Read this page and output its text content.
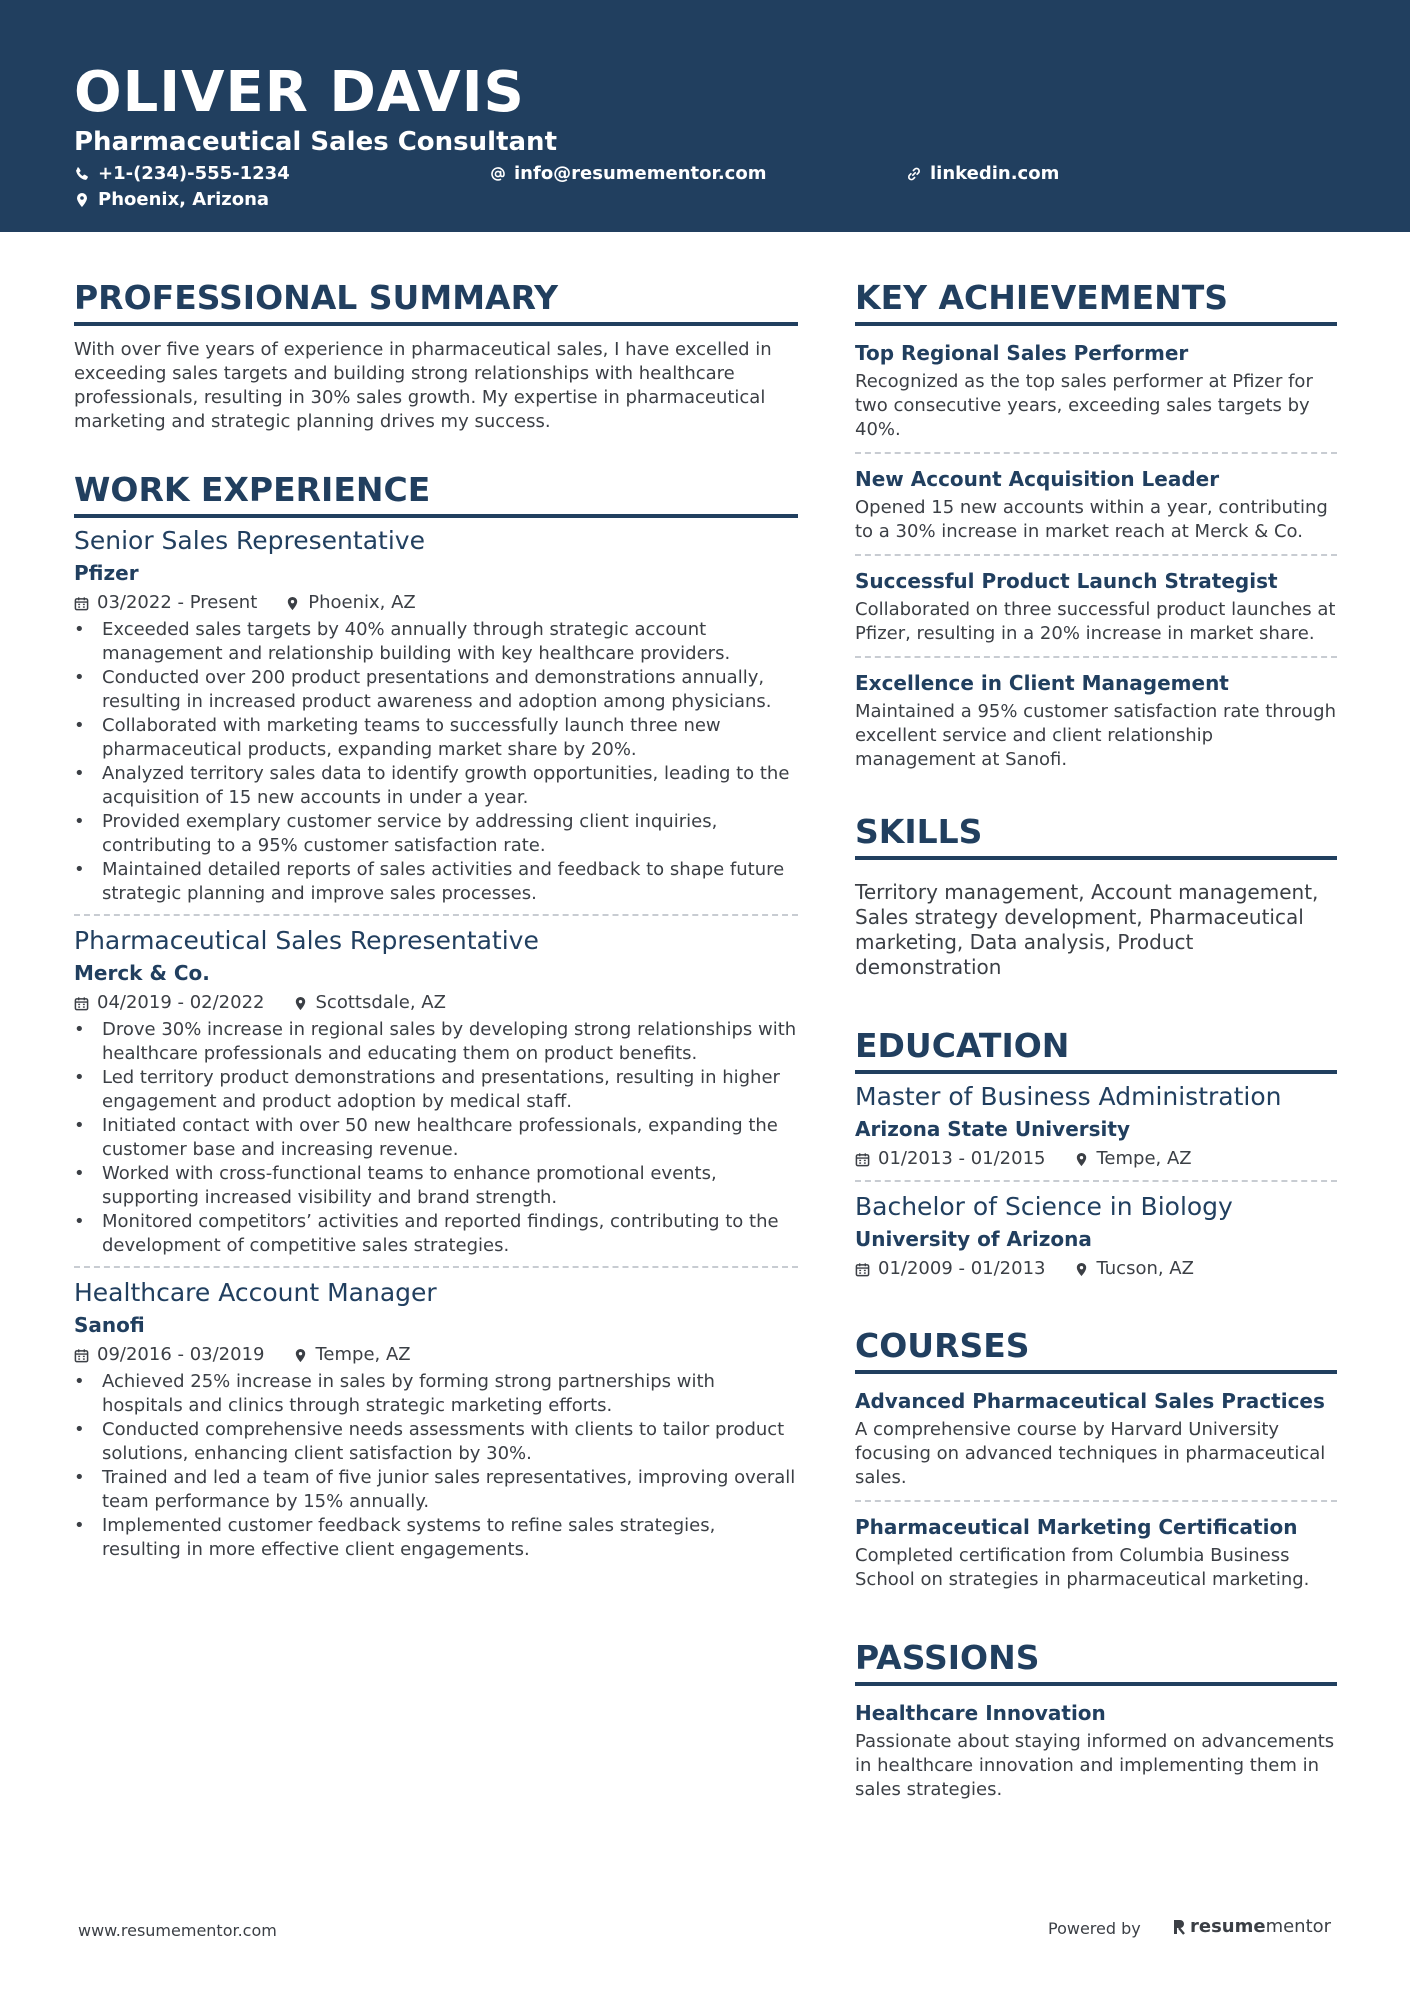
OLIVER DAVIS
Pharmaceutical Sales Consultant
+1-(234)-555-1234	info@resumementor.com	linkedin.com
Phoenix, Arizona
PROFESSIONAL SUMMARY

With over five years of experience in pharmaceutical sales, I have excelled in exceeding sales targets and building strong relationships with healthcare professionals, resulting in 30% sales growth. My expertise in pharmaceutical marketing and strategic planning drives my success.

WORK EXPERIENCE
Senior Sales Representative
Pfizer
03/2022 - Present	Phoenix, AZ
• Exceeded sales targets by 40% annually through strategic account management and relationship building with key healthcare providers.
• Conducted over 200 product presentations and demonstrations annually, resulting in increased product awareness and adoption among physicians.
• Collaborated with marketing teams to successfully launch three new pharmaceutical products, expanding market share by 20%.
• Analyzed territory sales data to identify growth opportunities, leading to the acquisition of 15 new accounts in under a year.
• Provided exemplary customer service by addressing client inquiries, contributing to a 95% customer satisfaction rate.
• Maintained detailed reports of sales activities and feedback to shape future strategic planning and improve sales processes.
Pharmaceutical Sales Representative
Merck & Co.
04/2019 - 02/2022	Scottsdale, AZ
• Drove 30% increase in regional sales by developing strong relationships with healthcare professionals and educating them on product benefits.
• Led territory product demonstrations and presentations, resulting in higher engagement and product adoption by medical staff.
• Initiated contact with over 50 new healthcare professionals, expanding the customer base and increasing revenue.
• Worked with cross-functional teams to enhance promotional events, supporting increased visibility and brand strength.
• Monitored competitors’ activities and reported findings, contributing to the development of competitive sales strategies.
Healthcare Account Manager
Sanofi
09/2016 - 03/2019	Tempe, AZ
• Achieved 25% increase in sales by forming strong partnerships with hospitals and clinics through strategic marketing efforts.
• Conducted comprehensive needs assessments with clients to tailor product solutions, enhancing client satisfaction by 30%.
• Trained and led a team of five junior sales representatives, improving overall team performance by 15% annually.
• Implemented customer feedback systems to refine sales strategies, resulting in more effective client engagements.
KEY ACHIEVEMENTS
Top Regional Sales Performer
Recognized as the top sales performer at Pfizer for two consecutive years, exceeding sales targets by 40%.
New Account Acquisition Leader
Opened 15 new accounts within a year, contributing to a 30% increase in market reach at Merck & Co.
Successful Product Launch Strategist
Collaborated on three successful product launches at Pfizer, resulting in a 20% increase in market share.
Excellence in Client Management
Maintained a 95% customer satisfaction rate through excellent service and client relationship management at Sanofi.
SKILLS

Territory management, Account management, Sales strategy development, Pharmaceutical marketing, Data analysis, Product demonstration

EDUCATION
Master of Business Administration
Arizona State University
01/2013 - 01/2015	Tempe, AZ
Bachelor of Science in Biology
University of Arizona
01/2009 - 01/2013	Tucson, AZ
COURSES
Advanced Pharmaceutical Sales Practices
A comprehensive course by Harvard University focusing on advanced techniques in pharmaceutical sales.
Pharmaceutical Marketing Certification
Completed certification from Columbia Business School on strategies in pharmaceutical marketing.
PASSIONS
Healthcare Innovation
Passionate about staying informed on advancements in healthcare innovation and implementing them in sales strategies.
www.resumementor.com	Powered by	resume mentor
